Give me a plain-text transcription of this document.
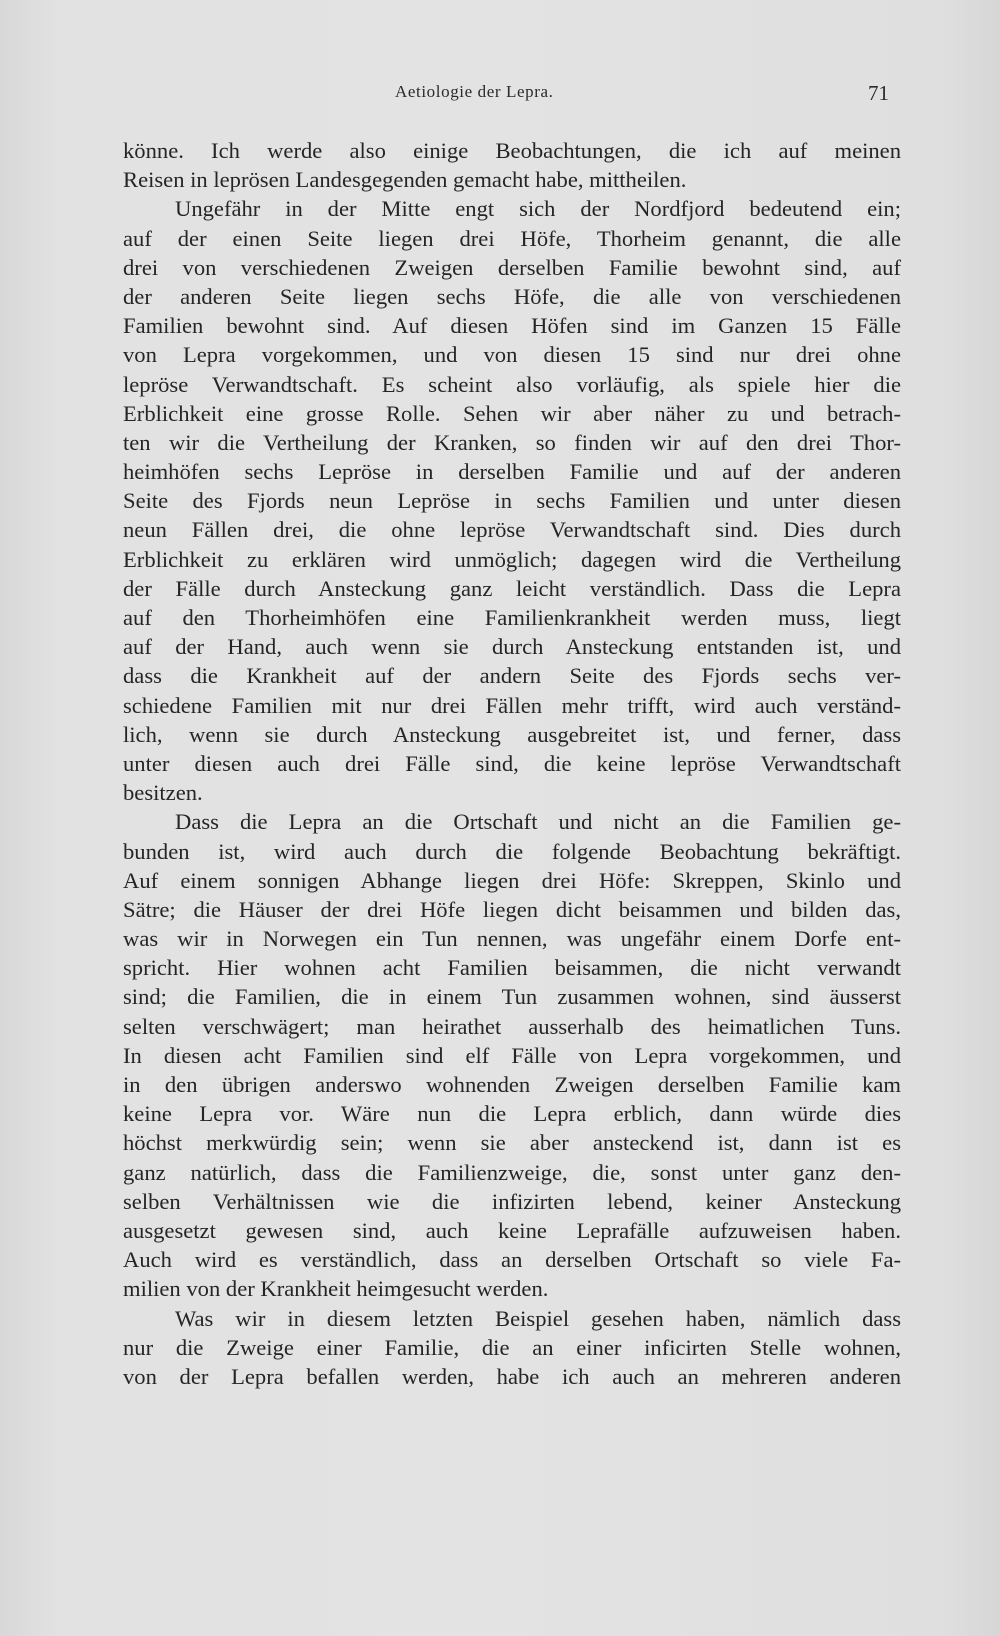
Aetiologie der Lepra.	71
könne. Ich werde also einige Beobachtungen, die ich auf meinen
Reisen in leprösen Landesgegenden gemacht habe, mittheilen.
Ungefähr in der Mitte engt sich der Nordfjord bedeutend ein;
auf der einen Seite liegen drei Höfe, Thorheim genannt, die alle
drei von verschiedenen Zweigen derselben Familie bewohnt sind, auf
der anderen Seite liegen sechs Höfe, die alle von verschiedenen
Familien bewohnt sind. Auf diesen Höfen sind im Ganzen 15 Fälle
von Lepra vorgekommen, und von diesen 15 sind nur drei ohne
lepröse Verwandtschaft. Es scheint also vorläufig, als spiele hier die
Erblichkeit eine grosse Rolle. Sehen wir aber näher zu und betrach-
ten wir die Vertheilung der Kranken, so finden wir auf den drei Thor-
heimhöfen sechs Lepröse in derselben Familie und auf der anderen
Seite des Fjords neun Lepröse in sechs Familien und unter diesen
neun Fällen drei, die ohne lepröse Verwandtschaft sind. Dies durch
Erblichkeit zu erklären wird unmöglich; dagegen wird die Vertheilung
der Fälle durch Ansteckung ganz leicht verständlich. Dass die Lepra
auf den Thorheimhöfen eine Familienkrankheit werden muss, liegt
auf der Hand, auch wenn sie durch Ansteckung entstanden ist, und
dass die Krankheit auf der andern Seite des Fjords sechs ver-
schiedene Familien mit nur drei Fällen mehr trifft, wird auch verständ-
lich, wenn sie durch Ansteckung ausgebreitet ist, und ferner, dass
unter diesen auch drei Fälle sind, die keine lepröse Verwandtschaft
besitzen.
Dass die Lepra an die Ortschaft und nicht an die Familien ge-
bunden ist, wird auch durch die folgende Beobachtung bekräftigt.
Auf einem sonnigen Abhange liegen drei Höfe: Skreppen, Skinlo und
Sätre; die Häuser der drei Höfe liegen dicht beisammen und bilden das,
was wir in Norwegen ein Tun nennen, was ungefähr einem Dorfe ent-
spricht. Hier wohnen acht Familien beisammen, die nicht verwandt
sind; die Familien, die in einem Tun zusammen wohnen, sind äusserst
selten verschwägert; man heirathet ausserhalb des heimatlichen Tuns.
In diesen acht Familien sind elf Fälle von Lepra vorgekommen, und
in den übrigen anderswo wohnenden Zweigen derselben Familie kam
keine Lepra vor. Wäre nun die Lepra erblich, dann würde dies
höchst merkwürdig sein; wenn sie aber ansteckend ist, dann ist es
ganz natürlich, dass die Familienzweige, die, sonst unter ganz den-
selben Verhältnissen wie die infizirten lebend, keiner Ansteckung
ausgesetzt gewesen sind, auch keine Leprafälle aufzuweisen haben.
Auch wird es verständlich, dass an derselben Ortschaft so viele Fa-
milien von der Krankheit heimgesucht werden.
Was wir in diesem letzten Beispiel gesehen haben, nämlich dass
nur die Zweige einer Familie, die an einer inficirten Stelle wohnen,
von der Lepra befallen werden, habe ich auch an mehreren anderen
